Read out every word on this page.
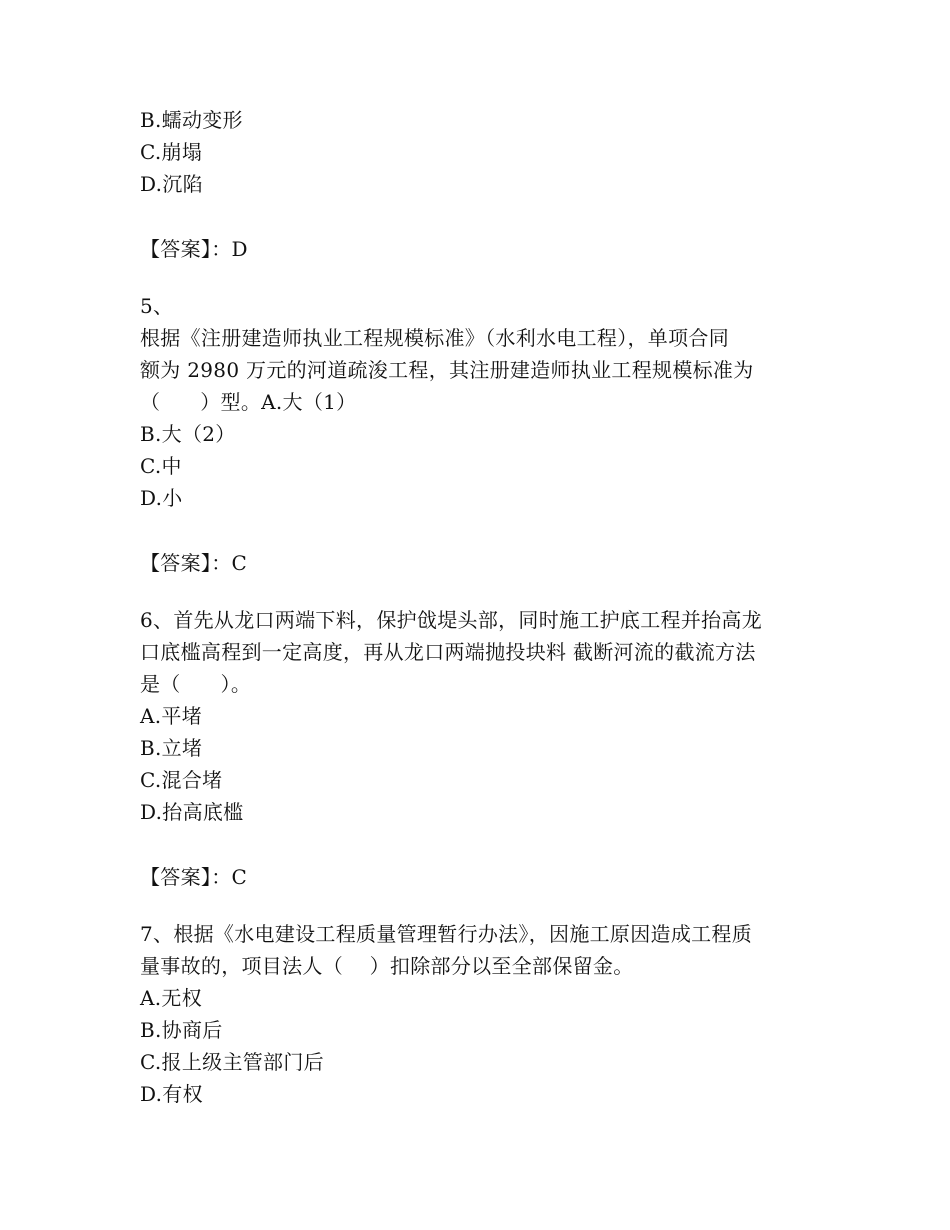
B.蠕动变形
C.崩塌
D.沉陷
【答案】：D
5、
根据《注册建造师执业工程规模标准》（水利水电工程），单项合同
额为 2980 万元的河道疏浚工程，其注册建造师执业工程规模标准为
（      ）型。A.大（1）
B.大（2）
C.中
D.小
【答案】：C
6、首先从龙口两端下料，保护戗堤头部，同时施工护底工程并抬高龙
口底槛高程到一定高度，再从龙口两端抛投块料 截断河流的截流方法
是（      ）。
A.平堵
B.立堵
C.混合堵
D.抬高底槛
【答案】：C
7、根据《水电建设工程质量管理暂行办法》，因施工原因造成工程质
量事故的，项目法人（    ）扣除部分以至全部保留金。
A.无权
B.协商后
C.报上级主管部门后
D.有权
